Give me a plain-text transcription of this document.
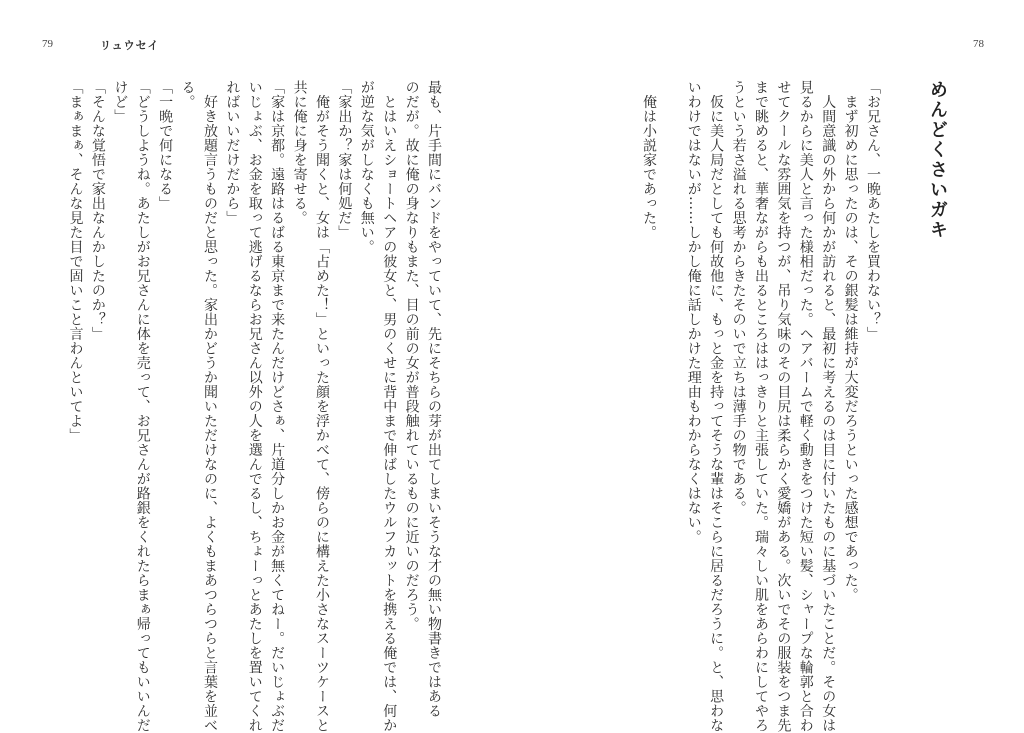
79	リュウセイ

最も、片手間にバンドをやっていて、先にそちらの芽が出てしまいそうな才の無い物書きではある

のだが。故に俺の身なりもまた、目の前の女が普段触れているものに近いのだろう。

　とはいえショートヘアの彼女と、男のくせに背中まで伸ばしたウルフカットを携える俺では、何か

が逆な気がしなくも無い。

「家出か？家は何処だ」

　俺がそう聞くと、女は「占めた！」といった顔を浮かべて、傍らのに構えた小さなスーツケースと

共に俺に身を寄せる。

「家は京都。遠路はるばる東京まで来たんだけどさぁ、片道分しかお金が無くてねー。だいじょぶだ

いじょぶ、お金を取って逃げるならお兄さん以外の人を選んでるし、ちょーっとあたしを置いてくれ

ればいいだけだから」

　好き放題言うものだと思った。家出かどうか聞いただけなのに、よくもまあつらつらと言葉を並べ

る。

「一晩で何になる」

「どうしようね。あたしがお兄さんに体を売って、お兄さんが路銀をくれたらまぁ帰ってもいいんだ

けど」

「そんな覚悟で家出なんかしたのか？」

「まぁまぁ、そんな見た目で固いこと言わんといてよ」

78
めんどくさいガキ

「お兄さん、一晩あたしを買わない？」

　まず初めに思ったのは、その銀髪は維持が大変だろうといった感想であった。

　人間意識の外から何かが訪れると、最初に考えるのは目に付いたものに基づいたことだ。その女は

見るからに美人と言った様相だった。ヘアバームで軽く動きをつけた短い髪、シャープな輪郭と合わ

せてクールな雰囲気を持つが、吊り気味のその目尻は柔らかく愛嬌がある。次いでその服装をつま先

まで眺めると、華奢ながらも出るところははっきりと主張していた。瑞々しい肌をあらわにしてやろ

うという若さ溢れる思考からきたそのいで立ちは薄手の物である。

　仮に美人局だとしても何故他に、もっと金を持ってそうな輩はそこらに居るだろうに。と、思わな

いわけではないが……しかし俺に話しかけた理由もわからなくはない。

　俺は小説家であった。
